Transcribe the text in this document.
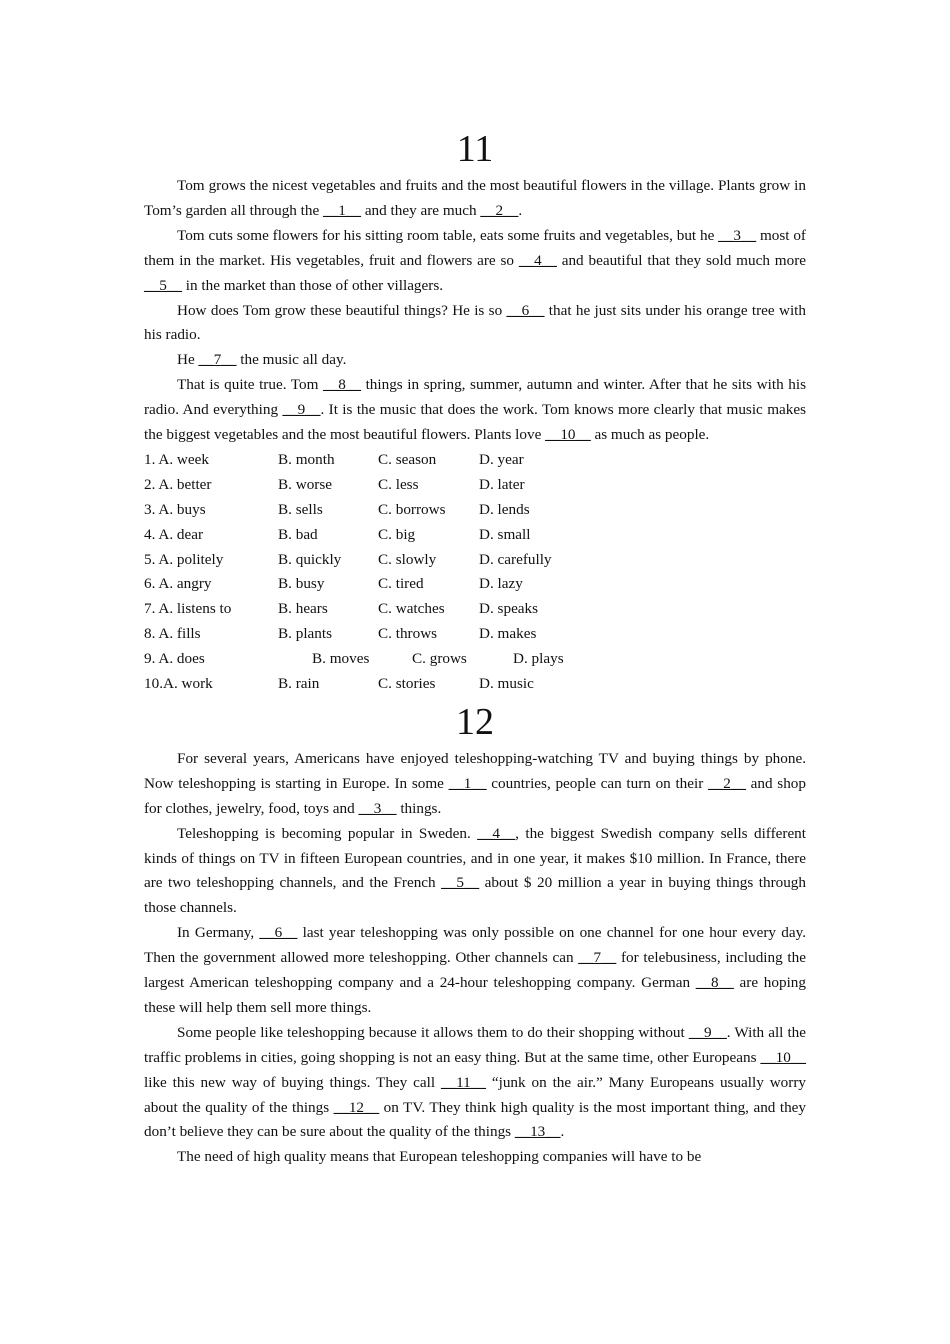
11

Tom grows the nicest vegetables and fruits and the most beautiful flowers in the village. Plants grow in Tom’s garden all through the __1__ and they are much __2__.

Tom cuts some flowers for his sitting room table, eats some fruits and vegetables, but he __3__ most of them in the market. His vegetables, fruit and flowers are so __4__ and beautiful that they sold much more __5__ in the market than those of other villagers.

How does Tom grow these beautiful things? He is so __6__ that he just sits under his orange tree with his radio.

He __7__ the music all day.

That is quite true. Tom __8__ things in spring, summer, autumn and winter. After that he sits with his radio. And everything __9__. It is the music that does the work. Tom knows more clearly that music makes the biggest vegetables and the most beautiful flowers. Plants love __10__ as much as people.

1. A. week	B. month	C. season	D. year
2. A. better	B. worse	C. less	D. later
3. A. buys	B. sells	C. borrows D. lends
4. A. dear	B. bad	C. big	D. small
5. A. politely	B. quickly C. slowly	D. carefully
6. A. angry	B. busy	C. tired	D. lazy
7. A. listens to	B. hears	C. watches D. speaks
8. A. fills	B. plants	C. throws	D. makes
9. A. does	B. moves	C. grows	D. plays
10.A. work	B. rain	C. stories	D. music
12

For several years, Americans have enjoyed teleshopping-watching TV and buying things by phone. Now teleshopping is starting in Europe. In some __1__ countries, people can turn on their __2__ and shop for clothes, jewelry, food, toys and __3__ things.

Teleshopping is becoming popular in Sweden. __4__, the biggest Swedish company sells different kinds of things on TV in fifteen European countries, and in one year, it makes $10 million. In France, there are two teleshopping channels, and the French __5__ about $ 20 million a year in buying things through those channels.

In Germany, __6__ last year teleshopping was only possible on one channel for one hour every day. Then the government allowed more teleshopping. Other channels can __7__ for telebusiness, including the largest American teleshopping company and a 24-hour teleshopping company. German __8__ are hoping these will help them sell more things.

Some people like teleshopping because it allows them to do their shopping without __9__. With all the traffic problems in cities, going shopping is not an easy thing. But at the same time, other Europeans __10__ like this new way of buying things. They call __11__ “junk on the air.” Many Europeans usually worry about the quality of the things __12__ on TV. They think high quality is the most important thing, and they don’t believe they can be sure about the quality of the things __13__.

The need of high quality means that European teleshopping companies will have to be
